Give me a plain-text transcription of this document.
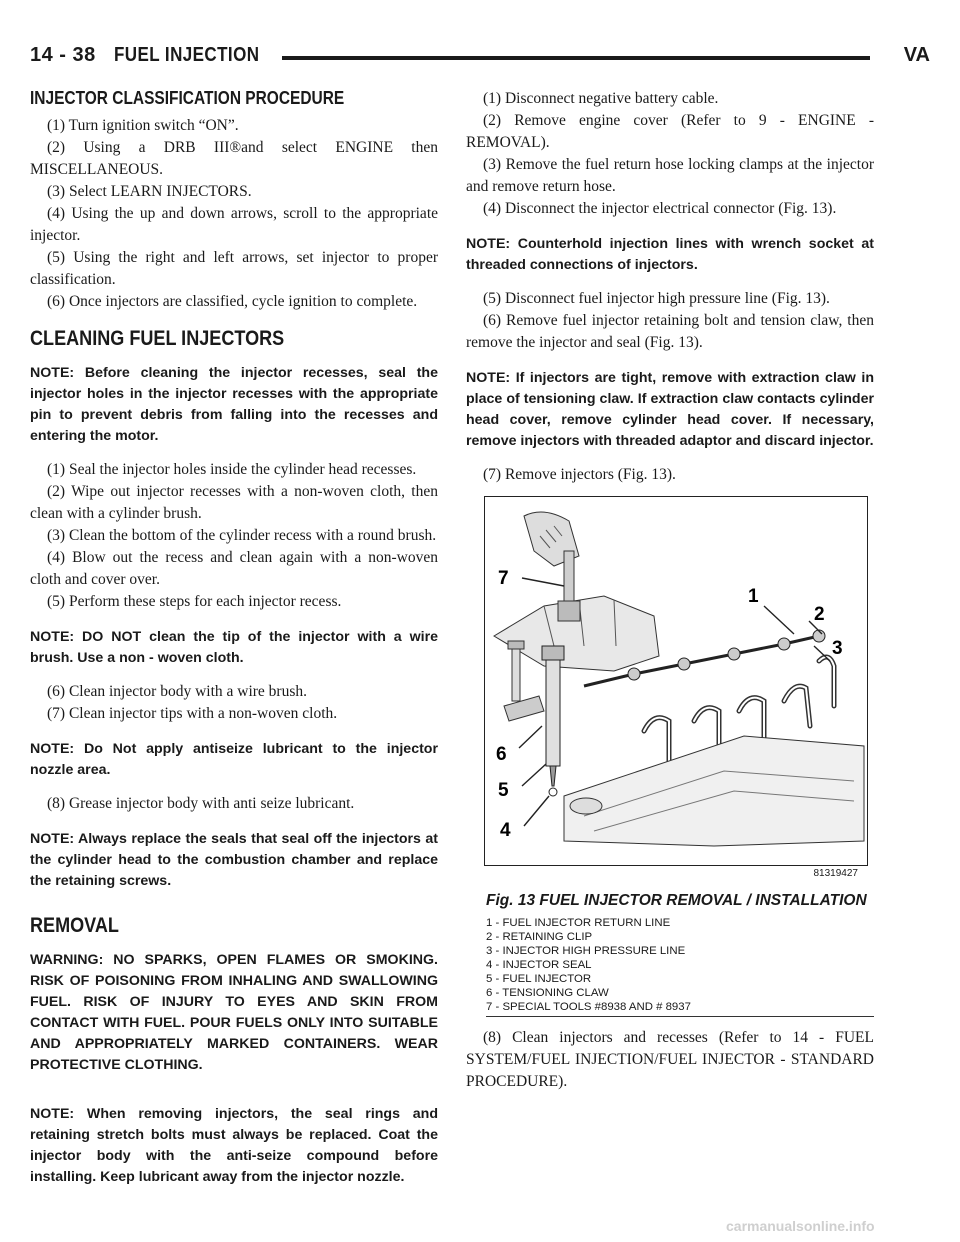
14 - 38 FUEL INJECTION	VA
INJECTOR CLASSIFICATION PROCEDURE

(1) Turn ignition switch “ON”.

(2) Using a DRB III®and select ENGINE then MISCELLANEOUS.

(3) Select LEARN INJECTORS.

(4) Using the up and down arrows, scroll to the appropriate injector.

(5) Using the right and left arrows, set injector to proper classification.

(6) Once injectors are classified, cycle ignition to complete.

CLEANING FUEL INJECTORS

NOTE: Before cleaning the injector recesses, seal the injector holes in the injector recesses with the appropriate pin to prevent debris from falling into the recesses and entering the motor.

(1) Seal the injector holes inside the cylinder head recesses.

(2) Wipe out injector recesses with a non-woven cloth, then clean with a cylinder brush.

(3) Clean the bottom of the cylinder recess with a round brush.

(4) Blow out the recess and clean again with a non-woven cloth and cover over.

(5) Perform these steps for each injector recess.

NOTE: DO NOT clean the tip of the injector with a wire brush. Use a non - woven cloth.

(6) Clean injector body with a wire brush.

(7) Clean injector tips with a non-woven cloth.

NOTE: Do Not apply antiseize lubricant to the injector nozzle area.

(8) Grease injector body with anti seize lubricant.

NOTE: Always replace the seals that seal off the injectors at the cylinder head to the combustion chamber and replace the retaining screws.

REMOVAL

WARNING: NO SPARKS, OPEN FLAMES OR SMOKING. RISK OF POISONING FROM INHALING AND SWALLOWING FUEL. RISK OF INJURY TO EYES AND SKIN FROM CONTACT WITH FUEL. POUR FUELS ONLY INTO SUITABLE AND APPROPRIATELY MARKED CONTAINERS. WEAR PROTECTIVE CLOTHING.

NOTE: When removing injectors, the seal rings and retaining stretch bolts must always be replaced. Coat the injector body with the anti-seize compound before installing. Keep lubricant away from the injector nozzle.

(1) Disconnect negative battery cable.

(2) Remove engine cover (Refer to 9 - ENGINE - REMOVAL).

(3) Remove the fuel return hose locking clamps at the injector and remove return hose.

(4) Disconnect the injector electrical connector (Fig. 13).

NOTE: Counterhold injection lines with wrench socket at threaded connections of injectors.

(5) Disconnect fuel injector high pressure line (Fig. 13).

(6) Remove fuel injector retaining bolt and tension claw, then remove the injector and seal (Fig. 13).

NOTE: If injectors are tight, remove with extraction claw in place of tensioning claw. If extraction claw contacts cylinder head cover, remove cylinder head cover. If necessary, remove injectors with threaded adaptor and discard injector.

(7) Remove injectors (Fig. 13).

7
1
2
3
6
5
4
81319427
Fig. 13 FUEL INJECTOR REMOVAL / INSTALLATION
1 - FUEL INJECTOR RETURN LINE
2 - RETAINING CLIP
3 - INJECTOR HIGH PRESSURE LINE
4 - INJECTOR SEAL
5 - FUEL INJECTOR
6 - TENSIONING CLAW
7 - SPECIAL TOOLS #8938 AND # 8937

(8) Clean injectors and recesses (Refer to 14 - FUEL SYSTEM/FUEL INJECTION/FUEL INJECTOR - STANDARD PROCEDURE).

carmanualsonline.info
